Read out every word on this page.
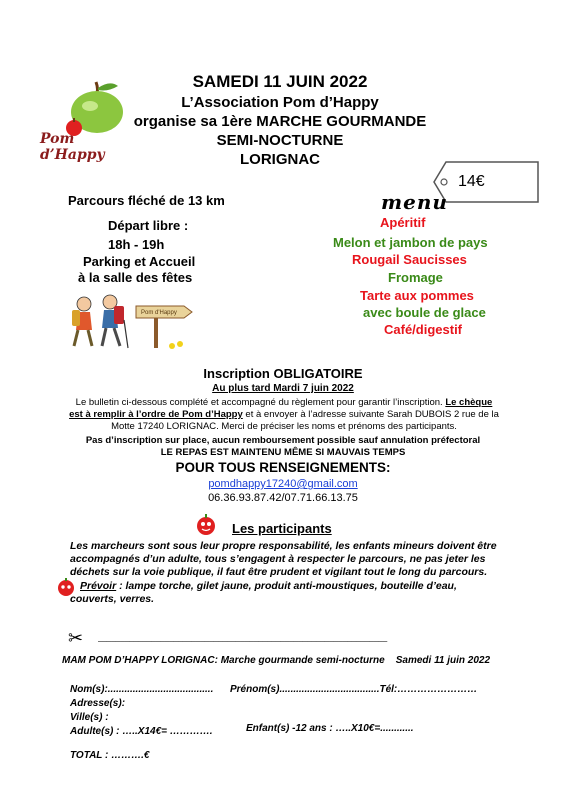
Pom d’Happy
SAMEDI 11 JUIN 2022
L’Association Pom d’Happy
organise sa 1ère MARCHE GOURMANDE
SEMI-NOCTURNE
LORIGNAC
14€
Parcours fléché de 13 km
Départ libre :
18h - 19h
Parking et Accueil
à la salle des fêtes
Pom d'Happy
menu
Apéritif
Melon et jambon de pays
Rougail Saucisses
Fromage
Tarte aux pommes
avec boule de glace
Café/digestif
Inscription OBLIGATOIRE
Au plus tard Mardi 7 juin 2022
Le bulletin ci-dessous complété et accompagné du règlement pour garantir l’inscription. Le chèque est à remplir à l’ordre de Pom d’Happy et à envoyer à l’adresse suivante Sarah DUBOIS 2 rue de la Motte 17240 LORIGNAC. Merci de préciser les noms et prénoms des participants.
Pas d’inscription sur place, aucun remboursement possible sauf annulation préfectoral
LE REPAS EST MAINTENU MÊME SI MAUVAIS TEMPS
POUR TOUS RENSEIGNEMENTS:
pomdhappy17240@gmail.com
06.36.93.87.42/07.71.66.13.75
Les participants
Les marcheurs sont sous leur propre responsabilité, les enfants mineurs doivent être accompagnés d’un adulte, tous s’engagent à respecter le parcours, ne pas jeter les déchets sur la voie publique, il faut être prudent et vigilant tout le long du parcours.
Prévoir : lampe torche, gilet jaune, produit anti-moustiques, bouteille d’eau, couverts, verres.
✂ _________________________________________________________________
MAM POM D’HAPPY LORIGNAC: Marche gourmande semi-nocturne    Samedi 11 juin 2022
Nom(s):...................................... Prénom(s)....................................Tél:……………………
Adresse(s):
Ville(s) :
Adulte(s) : …..X14€= ………….	Enfant(s) -12 ans : …..X10€=............
TOTAL : ……….€
